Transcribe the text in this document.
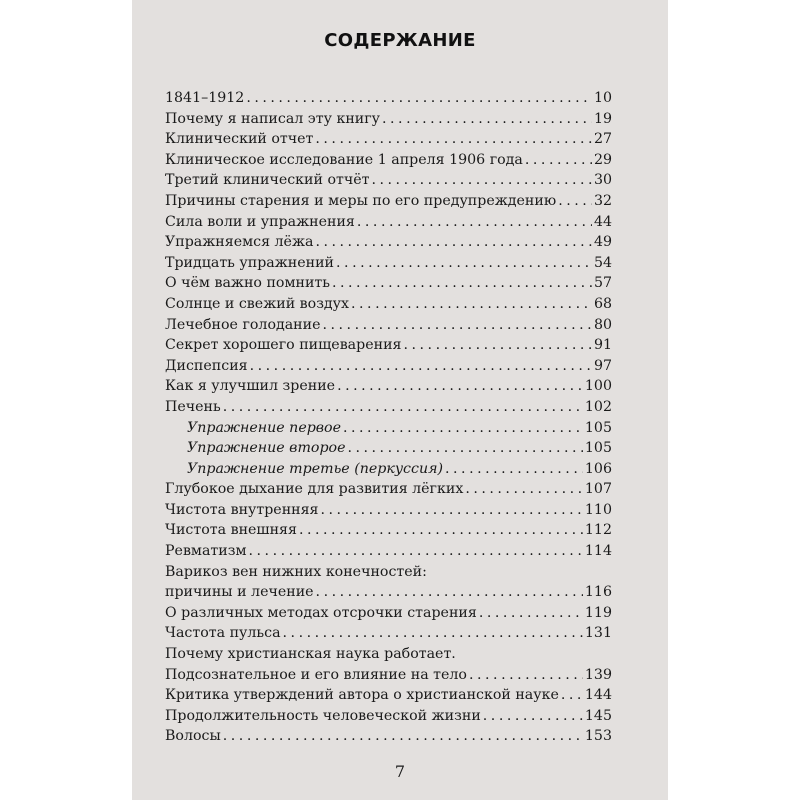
СОДЕРЖАНИЕ
1841–1912 . . .	10
Почему я написал эту книгу . . .	19
Клинический отчет . . .	27
Клиническое исследование 1 апреля 1906 года . . .	29
Третий клинический отчёт . . .	30
Причины старения и меры по его предупреждению . . .	32
Сила воли и упражнения . . .	44
Упражняемся лёжа . . .	49
Тридцать упражнений . . .	54
О чём важно помнить . . .	57
Солнце и свежий воздух . . .	68
Лечебное голодание . . .	80
Секрет хорошего пищеварения . . .	91
Диспепсия . . .	97
Как я улучшил зрение . . .	100
Печень . . .	102
Упражнение первое . . .	105
Упражнение второе . . .	105
Упражнение третье (перкуссия) . . .	106
Глубокое дыхание для развития лёгких . . .	107
Чистота внутренняя . . .	110
Чистота внешняя . . .	112
Ревматизм . . .	114
Варикоз вен нижних конечностей:
причины и лечение . . .	116
О различных методах отсрочки старения . . .	119
Частота пульса . . .	131
Почему христианская наука работает.
Подсознательное и его влияние на тело . . .	139
Критика утверждений автора о христианской науке . . . 144
Продолжительность человеческой жизни . . .	145
Волосы . . .	153
7
